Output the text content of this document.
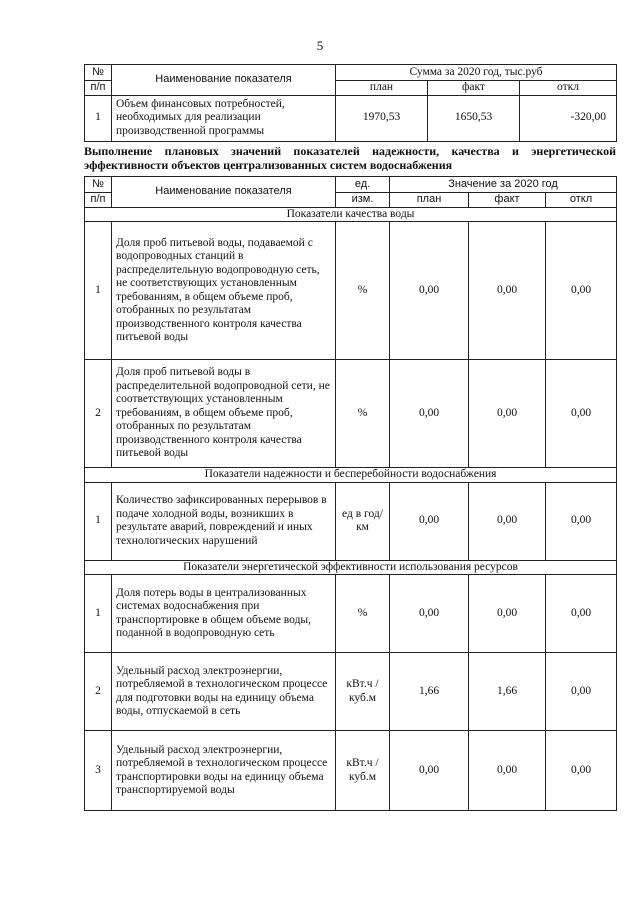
5
№	Наименование показателя	Сумма за 2020 год, тыс.руб		
п/п		план	факт	откл
1	Объем финансовых потребностей, необходимых для реализации производственной программы	1970,53	1650,53	-320,00
Выполнение плановых значений показателей надежности, качества и энергетической эффективности объектов централизованных систем водоснабжения
№	Наименование показателя	ед.	Значение за 2020 год		
п/п		изм.	план	факт	откл
Показатели качества воды					
1	Доля проб питьевой воды, подаваемой с водопроводных станций в распределительную водопроводную сеть, не соответствующих установленным требованиям, в общем объеме проб, отобранных по результатам производственного контроля качества питьевой воды	%	0,00	0,00	0,00
2	Доля проб питьевой воды в распределительной водопроводной сети, не соответствующих установленным требованиям, в общем объеме проб, отобранных по результатам производственного контроля качества питьевой воды	%	0,00	0,00	0,00
Показатели надежности и бесперебойности водоснабжения					
1	Количество зафиксированных перерывов в подаче холодной воды, возникших в результате аварий, повреждений и иных технологических нарушений	ед в год/ км	0,00	0,00	0,00
Показатели энергетической эффективности использования ресурсов					
1	Доля потерь воды в централизованных системах водоснабжения при транспортировке в общем объеме воды, поданной в водопроводную сеть	%	0,00	0,00	0,00
2	Удельный расход электроэнергии, потребляемой в технологическом процессе для подготовки воды на единицу объема воды, отпускаемой в сеть	кВт.ч / куб.м	1,66	1,66	0,00
3	Удельный расход электроэнергии, потребляемой в технологическом процессе транспортировки воды на единицу объема транспортируемой воды	кВт.ч / куб.м	0,00	0,00	0,00
